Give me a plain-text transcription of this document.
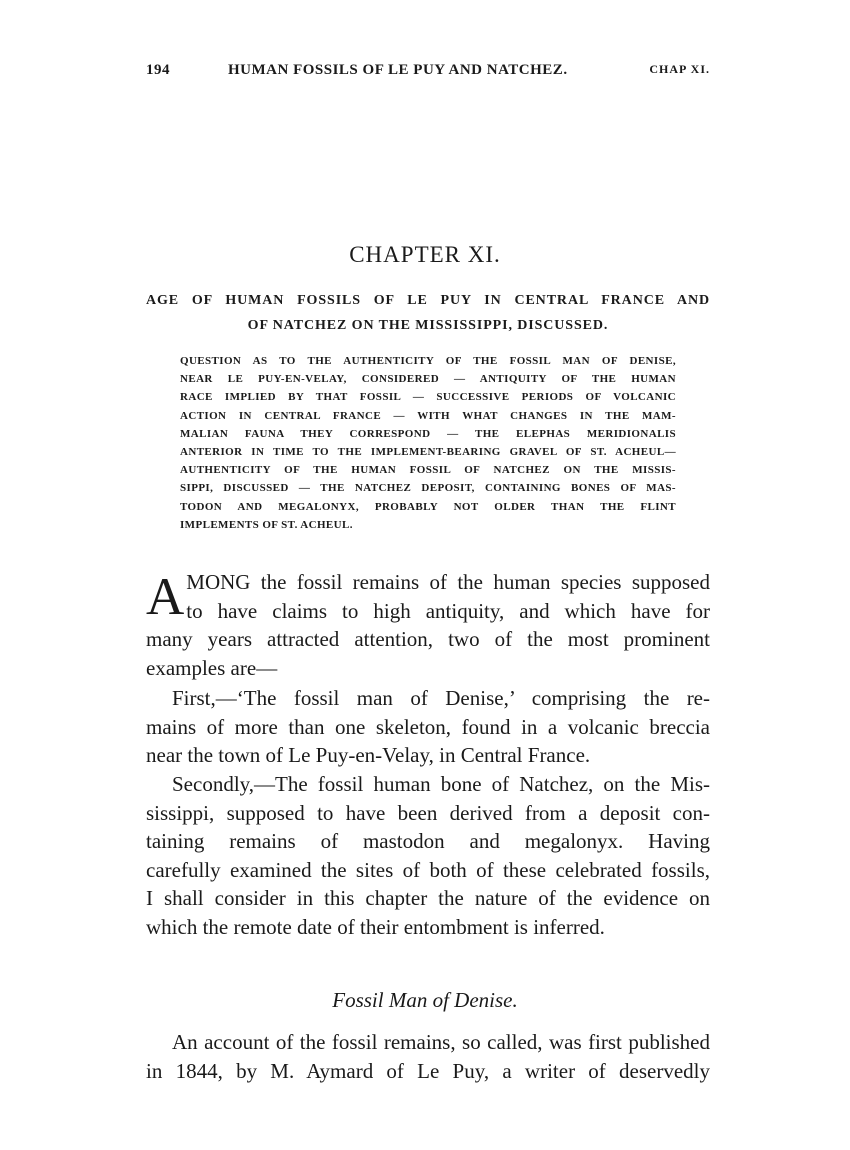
194	HUMAN FOSSILS OF LE PUY AND NATCHEZ.	CHAP XI.
CHAPTER XI.
AGE OF HUMAN FOSSILS OF LE PUY IN CENTRAL FRANCE AND
OF NATCHEZ ON THE MISSISSIPPI, DISCUSSED.
QUESTION AS TO THE AUTHENTICITY OF THE FOSSIL MAN OF DENISE,
NEAR LE PUY-EN-VELAY, CONSIDERED — ANTIQUITY OF THE HUMAN
RACE IMPLIED BY THAT FOSSIL — SUCCESSIVE PERIODS OF VOLCANIC
ACTION IN CENTRAL FRANCE — WITH WHAT CHANGES IN THE MAM-
MALIAN FAUNA THEY CORRESPOND — THE ELEPHAS MERIDIONALIS
ANTERIOR IN TIME TO THE IMPLEMENT-BEARING GRAVEL OF ST. ACHEUL—
AUTHENTICITY OF THE HUMAN FOSSIL OF NATCHEZ ON THE MISSIS-
SIPPI, DISCUSSED — THE NATCHEZ DEPOSIT, CONTAINING BONES OF MAS-
TODON AND MEGALONYX, PROBABLY NOT OLDER THAN THE FLINT
IMPLEMENTS OF ST. ACHEUL.
A MONG the fossil remains of the human species supposed
to have claims to high antiquity, and which have for
many years attracted attention, two of the most prominent
examples are—
First,—‘The fossil man of Denise,’ comprising the re-
mains of more than one skeleton, found in a volcanic breccia
near the town of Le Puy-en-Velay, in Central France.
Secondly,—The fossil human bone of Natchez, on the Mis-
sissippi, supposed to have been derived from a deposit con-
taining remains of mastodon and megalonyx. Having
carefully examined the sites of both of these celebrated fossils,
I shall consider in this chapter the nature of the evidence on
which the remote date of their entombment is inferred.
Fossil Man of Denise.
An account of the fossil remains, so called, was first published
in 1844, by M. Aymard of Le Puy, a writer of deservedly
